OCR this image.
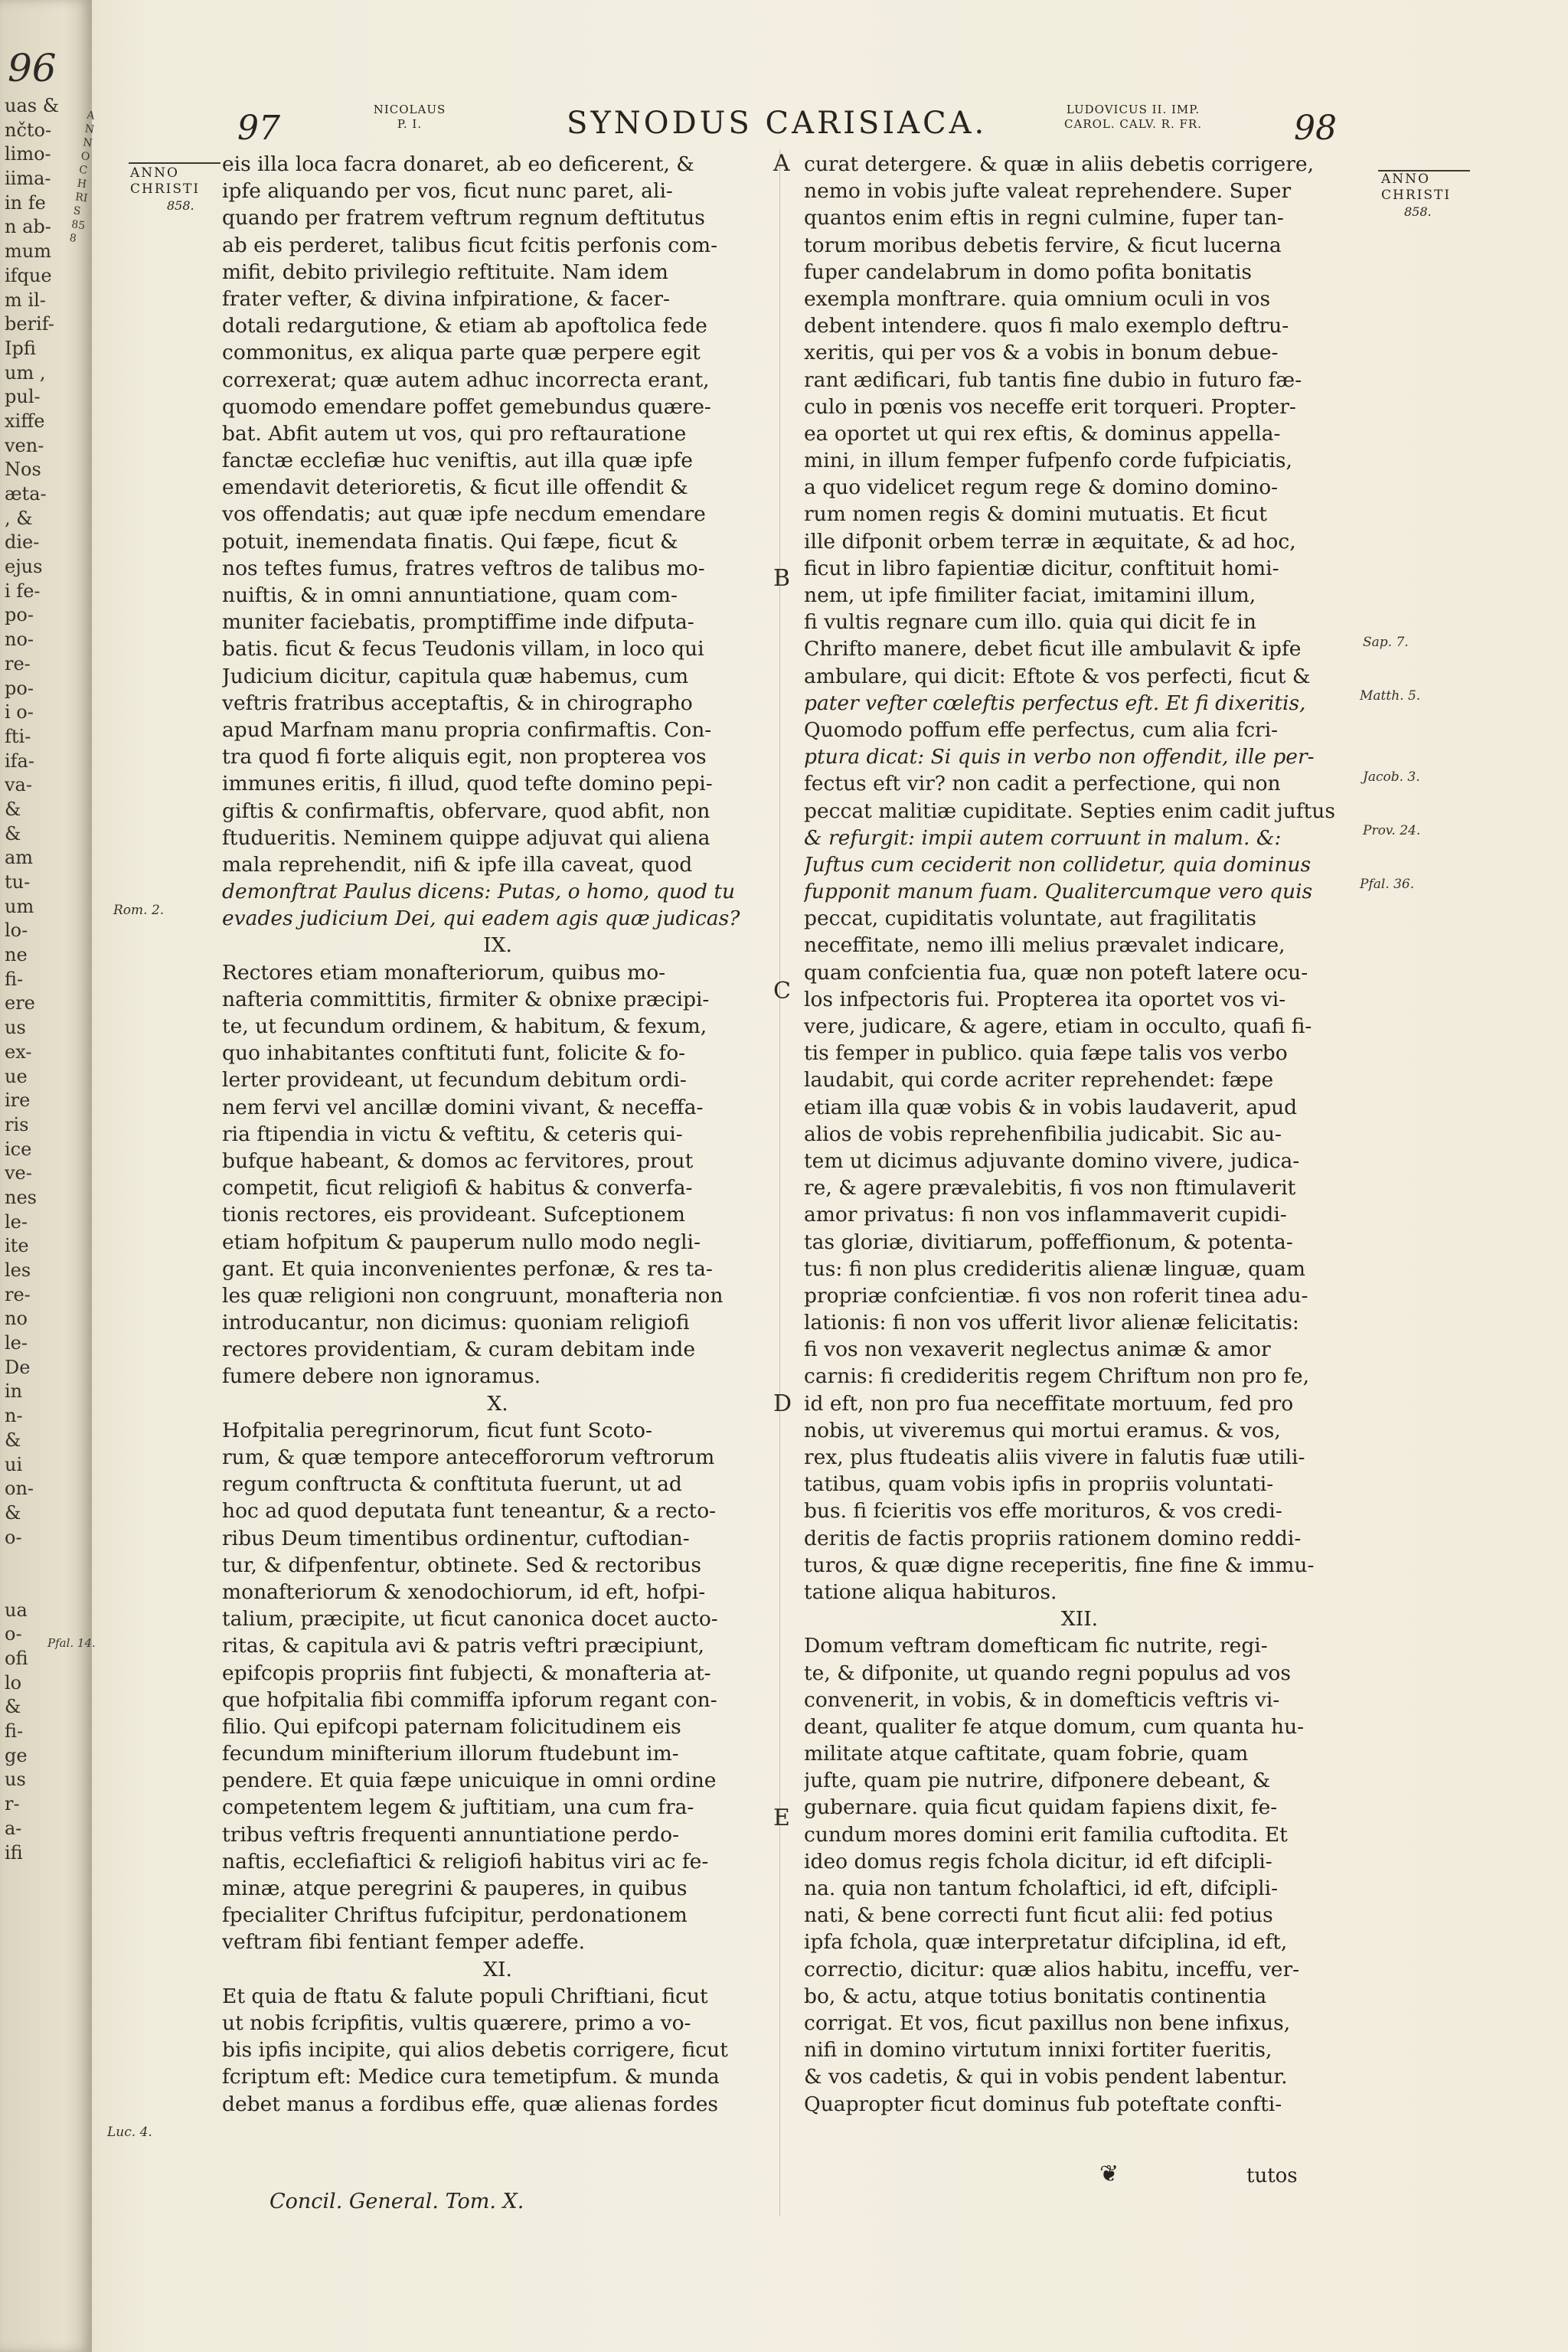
96
ANNO CHRIS 858
uas &
nčto-
limo-
iima-
in fe
n ab-
mum
ifque
m il-
berif-
Ipfi
um ,
pul-
xiffe
ven-
Nos
æta-
, &
die-
ejus
i fe-
po-
no-
re-
po-
i o-
fti-
ifa-
va-
&
&
am
tu-
um
lo-
ne
fi-
ere
us
ex-
ue
ire
ris
ice
ve-
nes
le-
ite
les
re-
no
le-
De
in
n-
&
ui
on-
&
o-
ua
o-
ofi
lo
&
fi-
ge
us
r-
a-
ifi
Pfal. 14.
97	NICOLAUS
P. I.	SYNODUS CARISIACA.	LUDOVICUS II. IMP.
CAROL. CALV. R. FR.	98
ANNO
CHRISTI
858.
ANNO
CHRISTI
858.
eis illa loca facra donaret, ab eo deficerent, &
ipfe aliquando per vos, ficut nunc paret, ali-
quando per fratrem veftrum regnum deftitutus
ab eis perderet, talibus ficut fcitis perfonis com-
mifit, debito privilegio reftituite. Nam idem
frater vefter, & divina infpiratione, & facer-
dotali redargutione, & etiam ab apoftolica fede
commonitus, ex aliqua parte quæ perpere egit
correxerat; quæ autem adhuc incorrecta erant,
quomodo emendare poffet gemebundus quære-
bat. Abfit autem ut vos, qui pro reftauratione
fanctæ ecclefiæ huc veniftis, aut illa quæ ipfe
emendavit deterioretis, & ficut ille offendit &
vos offendatis; aut quæ ipfe necdum emendare
potuit, inemendata finatis. Qui fæpe, ficut &
nos teftes fumus, fratres veftros de talibus mo-
nuiftis, & in omni annuntiatione, quam com-
muniter faciebatis, promptiffime inde difputa-
batis. ficut & fecus Teudonis villam, in loco qui
Judicium dicitur, capitula quæ habemus, cum
veftris fratribus acceptaftis, & in chirographo
apud Marfnam manu propria confirmaftis. Con-
tra quod fi forte aliquis egit, non propterea vos
immunes eritis, fi illud, quod tefte domino pepi-
giftis & confirmaftis, obfervare, quod abfit, non
ftudueritis. Neminem quippe adjuvat qui aliena
mala reprehendit, nifi & ipfe illa caveat, quod
demonftrat Paulus dicens: Putas, o homo, quod tu
evades judicium Dei, qui eadem agis quæ judicas?
IX.
Rectores etiam monafteriorum, quibus mo-
nafteria committitis, firmiter & obnixe præcipi-
te, ut fecundum ordinem, & habitum, & fexum,
quo inhabitantes conftituti funt, folicite & fo-
lerter provideant, ut fecundum debitum ordi-
nem fervi vel ancillæ domini vivant, & neceffa-
ria ftipendia in victu & veftitu, & ceteris qui-
bufque habeant, & domos ac fervitores, prout
competit, ficut religiofi & habitus & converfa-
tionis rectores, eis provideant. Sufceptionem
etiam hofpitum & pauperum nullo modo negli-
gant. Et quia inconvenientes perfonæ, & res ta-
les quæ religioni non congruunt, monafteria non
introducantur, non dicimus: quoniam religiofi
rectores providentiam, & curam debitam inde
fumere debere non ignoramus.
X.
Hofpitalia peregrinorum, ficut funt Scoto-
rum, & quæ tempore anteceffororum veftrorum
regum conftructa & conftituta fuerunt, ut ad
hoc ad quod deputata funt teneantur, & a recto-
ribus Deum timentibus ordinentur, cuftodian-
tur, & difpenfentur, obtinete. Sed & rectoribus
monafteriorum & xenodochiorum, id eft, hofpi-
talium, præcipite, ut ficut canonica docet aucto-
ritas, & capitula avi & patris veftri præcipiunt,
epifcopis propriis fint fubjecti, & monafteria at-
que hofpitalia fibi commiffa ipforum regant con-
filio. Qui epifcopi paternam folicitudinem eis
fecundum minifterium illorum ftudebunt im-
pendere. Et quia fæpe unicuique in omni ordine
competentem legem & juftitiam, una cum fra-
tribus veftris frequenti annuntiatione perdo-
naftis, ecclefiaftici & religiofi habitus viri ac fe-
minæ, atque peregrini & pauperes, in quibus
fpecialiter Chriftus fufcipitur, perdonationem
veftram fibi fentiant femper adeffe.
XI.
Et quia de ftatu & falute populi Chriftiani, ficut
ut nobis fcripfitis, vultis quærere, primo a vo-
bis ipfis incipite, qui alios debetis corrigere, ficut
fcriptum eft: Medice cura temetipfum. & munda
debet manus a fordibus effe, quæ alienas fordes
curat detergere. & quæ in aliis debetis corrigere,
nemo in vobis jufte valeat reprehendere. Super
quantos enim eftis in regni culmine, fuper tan-
torum moribus debetis fervire, & ficut lucerna
fuper candelabrum in domo pofita bonitatis
exempla monftrare. quia omnium oculi in vos
debent intendere. quos fi malo exemplo deftru-
xeritis, qui per vos & a vobis in bonum debue-
rant ædificari, fub tantis fine dubio in futuro fæ-
culo in pœnis vos neceffe erit torqueri. Propter-
ea oportet ut qui rex eftis, & dominus appella-
mini, in illum femper fufpenfo corde fufpiciatis,
a quo videlicet regum rege & domino domino-
rum nomen regis & domini mutuatis. Et ficut
ille difponit orbem terræ in æquitate, & ad hoc,
ficut in libro fapientiæ dicitur, conftituit homi-
nem, ut ipfe fimiliter faciat, imitamini illum,
fi vultis regnare cum illo. quia qui dicit fe in
Chrifto manere, debet ficut ille ambulavit & ipfe
ambulare, qui dicit: Eftote & vos perfecti, ficut &
pater vefter cœleftis perfectus eft. Et fi dixeritis,
Quomodo poffum effe perfectus, cum alia fcri-
ptura dicat: Si quis in verbo non offendit, ille per-
fectus eft vir? non cadit a perfectione, qui non
peccat malitiæ cupiditate. Septies enim cadit juftus
& refurgit: impii autem corruunt in malum. &:
Juftus cum ceciderit non collidetur, quia dominus
fupponit manum fuam. Qualitercumque vero quis
peccat, cupiditatis voluntate, aut fragilitatis
neceffitate, nemo illi melius prævalet indicare,
quam confcientia fua, quæ non poteft latere ocu-
los infpectoris fui. Propterea ita oportet vos vi-
vere, judicare, & agere, etiam in occulto, quafi fi-
tis femper in publico. quia fæpe talis vos verbo
laudabit, qui corde acriter reprehendet: fæpe
etiam illa quæ vobis & in vobis laudaverit, apud
alios de vobis reprehenfibilia judicabit. Sic au-
tem ut dicimus adjuvante domino vivere, judica-
re, & agere prævalebitis, fi vos non ftimulaverit
amor privatus: fi non vos inflammaverit cupidi-
tas gloriæ, divitiarum, poffeffionum, & potenta-
tus: fi non plus credideritis alienæ linguæ, quam
propriæ confcientiæ. fi vos non roferit tinea adu-
lationis: fi non vos ufferit livor alienæ felicitatis:
fi vos non vexaverit neglectus animæ & amor
carnis: fi credideritis regem Chriftum non pro fe,
id eft, non pro fua neceffitate mortuum, fed pro
nobis, ut viveremus qui mortui eramus. & vos,
rex, plus ftudeatis aliis vivere in falutis fuæ utili-
tatibus, quam vobis ipfis in propriis voluntati-
bus. fi fcieritis vos effe morituros, & vos credi-
deritis de factis propriis rationem domino reddi-
turos, & quæ digne receperitis, fine fine & immu-
tatione aliqua habituros.
XII.
Domum veftram domefticam fic nutrite, regi-
te, & difponite, ut quando regni populus ad vos
convenerit, in vobis, & in domefticis veftris vi-
deant, qualiter fe atque domum, cum quanta hu-
militate atque caftitate, quam fobrie, quam
jufte, quam pie nutrire, difponere debeant, &
gubernare. quia ficut quidam fapiens dixit, fe-
cundum mores domini erit familia cuftodita. Et
ideo domus regis fchola dicitur, id eft difcipli-
na. quia non tantum fcholaftici, id eft, difcipli-
nati, & bene correcti funt ficut alii: fed potius
ipfa fchola, quæ interpretatur difciplina, id eft,
correctio, dicitur: quæ alios habitu, inceffu, ver-
bo, & actu, atque totius bonitatis continentia
corrigat. Et vos, ficut paxillus non bene infixus,
nifi in domino virtutum innixi fortiter fueritis,
& vos cadetis, & qui in vobis pendent labentur.
Quapropter ficut dominus fub poteftate confti-
A
B
C
D
E
Rom. 2.
Luc. 4.
Sap. 7.
Matth. 5.
Jacob. 3.
Prov. 24.
Pfal. 36.
Concil. General. Tom. X.
❦	tutos
